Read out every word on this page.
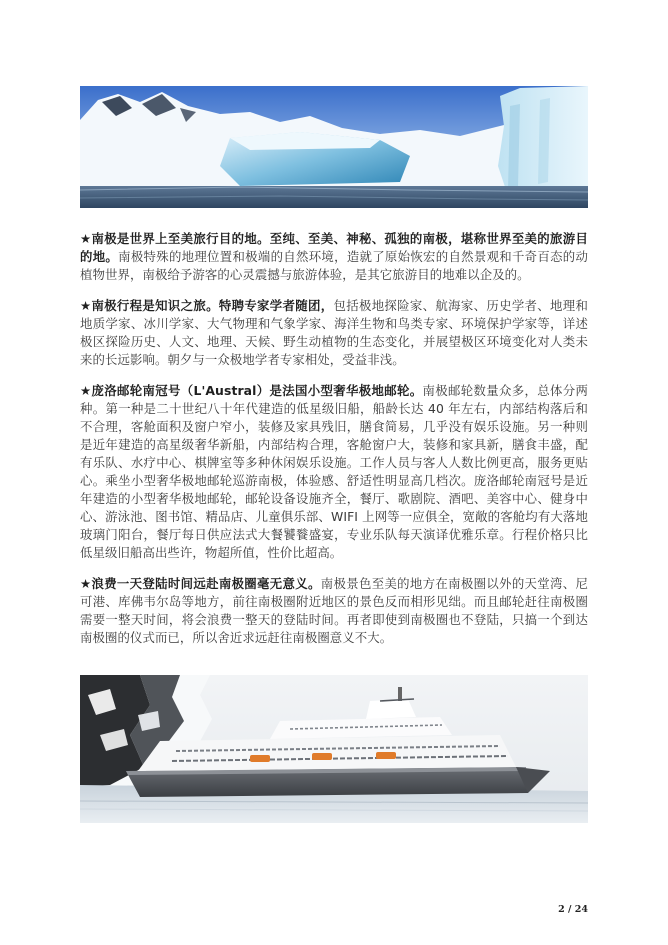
★南极是世界上至美旅行目的地。至纯、至美、神秘、孤独的南极，堪称世界至美的旅游目的地。南极特殊的地理位置和极端的自然环境，造就了原始恢宏的自然景观和千奇百态的动植物世界，南极给予游客的心灵震撼与旅游体验，是其它旅游目的地难以企及的。

★南极行程是知识之旅。特聘专家学者随团，包括极地探险家、航海家、历史学者、地理和地质学家、冰川学家、大气物理和气象学家、海洋生物和鸟类专家、环境保护学家等，详述极区探险历史、人文、地理、天候、野生动植物的生态变化，并展望极区环境变化对人类未来的长远影响。朝夕与一众极地学者专家相处，受益非浅。

★庞洛邮轮南冠号（L'Austral）是法国小型奢华极地邮轮。南极邮轮数量众多，总体分两种。第一种是二十世纪八十年代建造的低星级旧船，船龄长达 40 年左右，内部结构落后和不合理，客舱面积及窗户窄小，装修及家具残旧，膳食简易，几乎没有娱乐设施。另一种则是近年建造的高星级奢华新船，内部结构合理，客舱窗户大，装修和家具新，膳食丰盛，配有乐队、水疗中心、棋牌室等多种休闲娱乐设施。工作人员与客人人数比例更高，服务更贴心。乘坐小型奢华极地邮轮巡游南极，体验感、舒适性明显高几档次。庞洛邮轮南冠号是近年建造的小型奢华极地邮轮，邮轮设备设施齐全，餐厅、歌剧院、酒吧、美容中心、健身中心、游泳池、图书馆、精品店、儿童俱乐部、WIFI 上网等一应俱全，宽敞的客舱均有大落地玻璃门阳台，餐厅每日供应法式大餐饕餮盛宴，专业乐队每天演译优雅乐章。行程价格只比低星级旧船高出些许，物超所值，性价比超高。

★浪费一天登陆时间远赴南极圈毫无意义。南极景色至美的地方在南极圈以外的天堂湾、尼可港、库佛韦尔岛等地方，前往南极圈附近地区的景色反而相形见绌。而且邮轮赶往南极圈需要一整天时间，将会浪费一整天的登陆时间。再者即使到南极圈也不登陆，只搞一个到达南极圈的仪式而已，所以舍近求远赶往南极圈意义不大。

2 / 24
